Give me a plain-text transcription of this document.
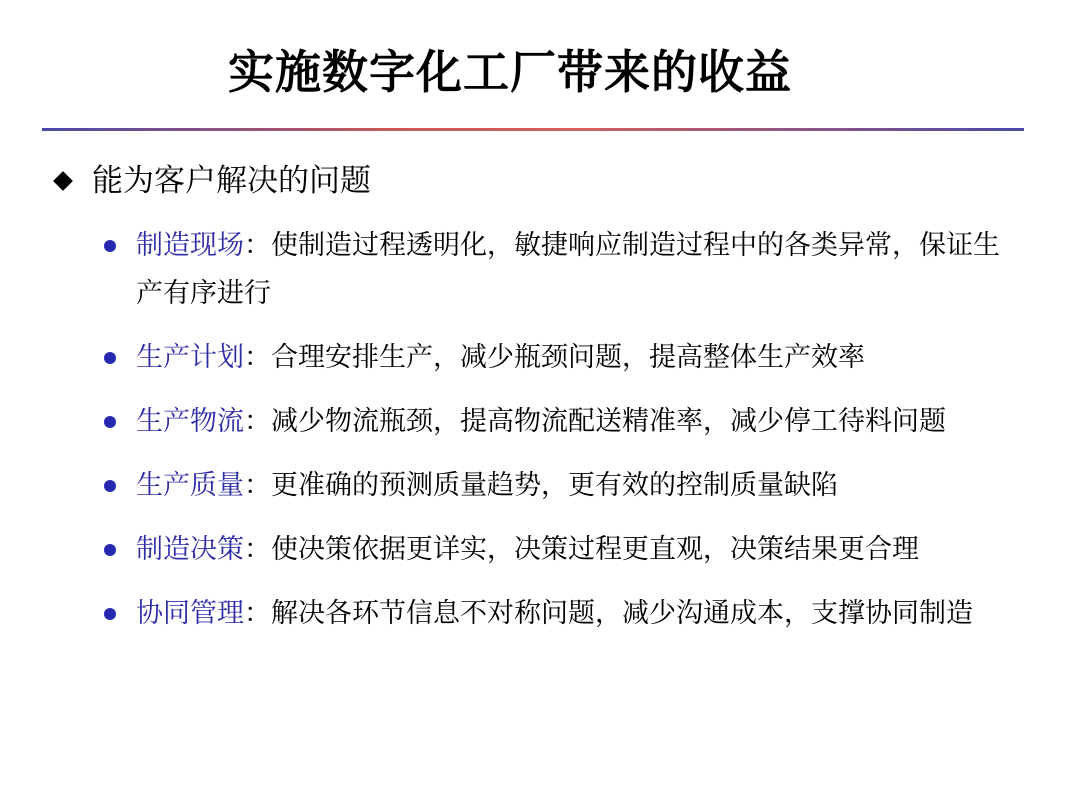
实施数字化工厂带来的收益
能为客户解决的问题
制造现场：使制造过程透明化，敏捷响应制造过程中的各类异常，保证生产有序进行
生产计划：合理安排生产，减少瓶颈问题，提高整体生产效率
生产物流：减少物流瓶颈，提高物流配送精准率，减少停工待料问题
生产质量：更准确的预测质量趋势，更有效的控制质量缺陷
制造决策：使决策依据更详实，决策过程更直观，决策结果更合理
协同管理：解决各环节信息不对称问题，减少沟通成本，支撑协同制造
